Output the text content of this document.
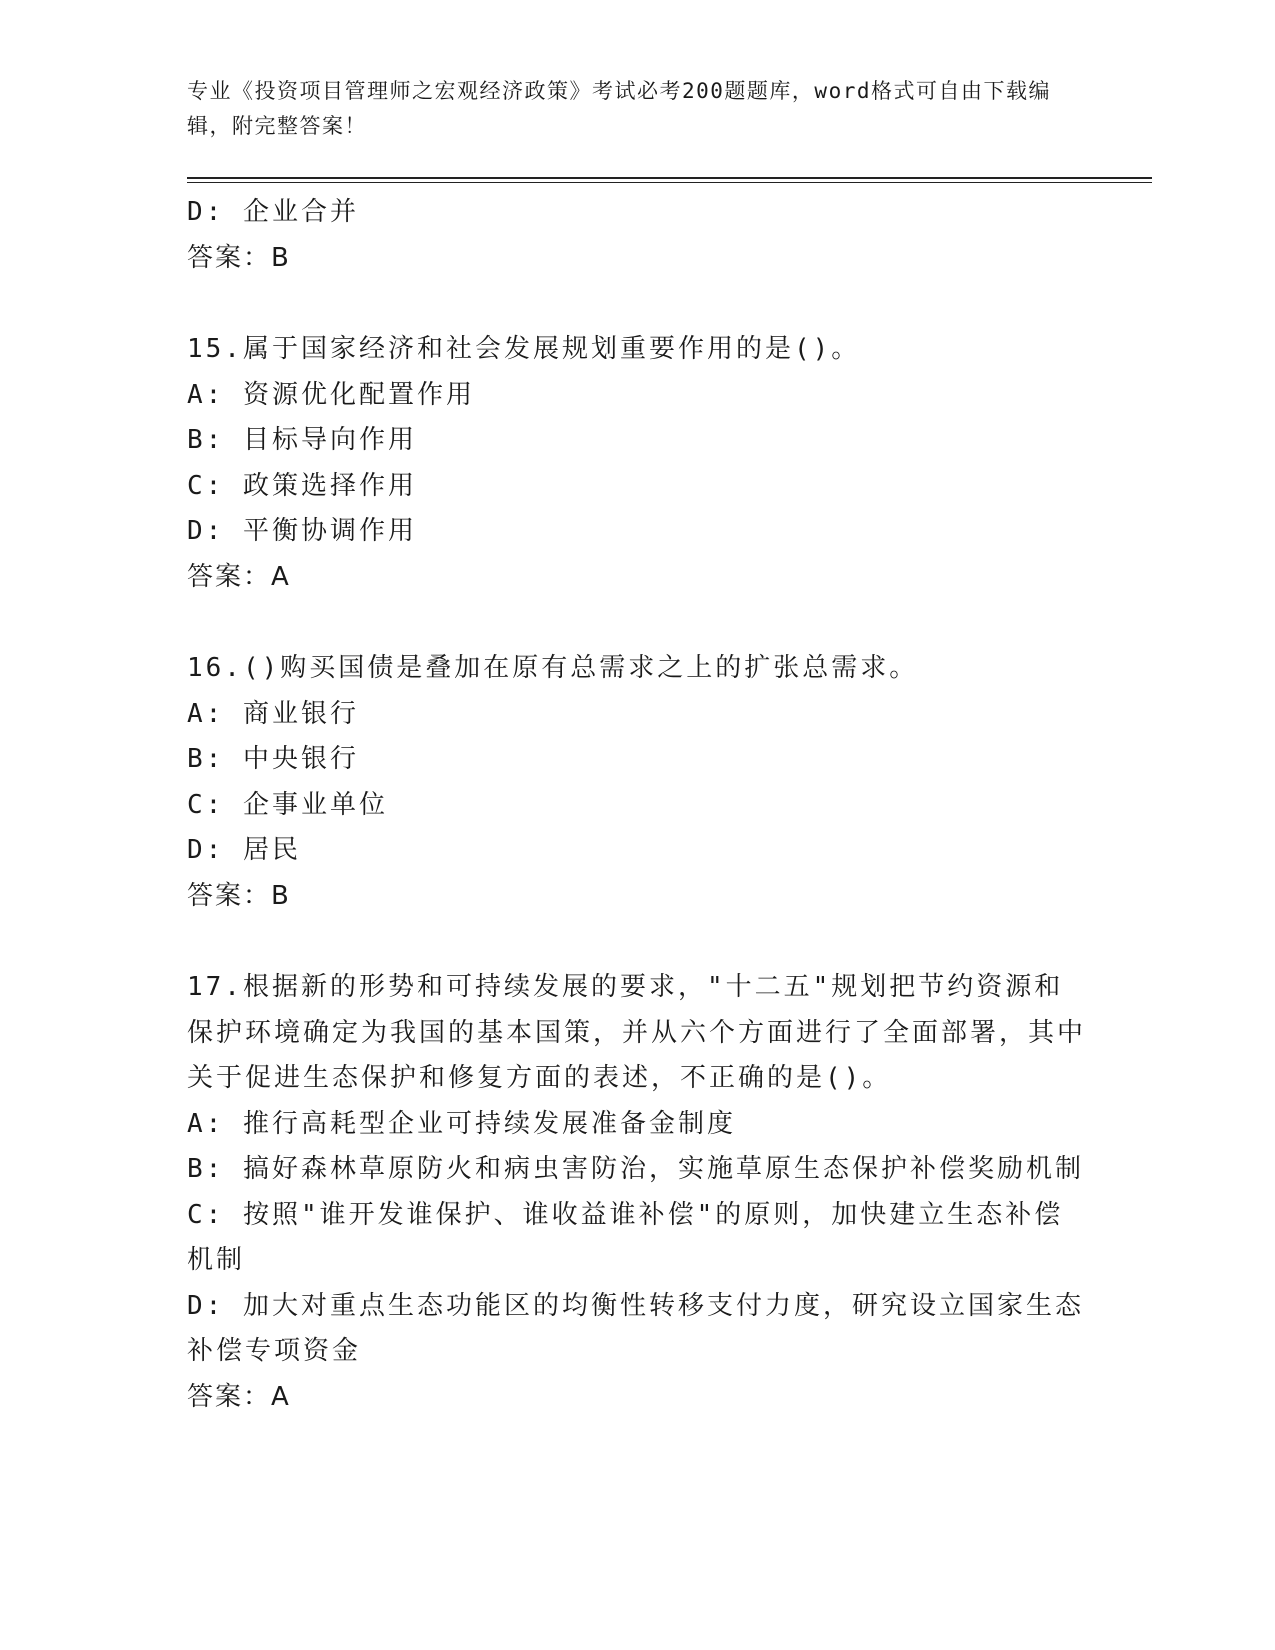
专业《投资项目管理师之宏观经济政策》考试必考200题题库，word格式可自由下载编辑，附完整答案！
D: 企业合并
答案：B
15.属于国家经济和社会发展规划重要作用的是()。
A: 资源优化配置作用
B: 目标导向作用
C: 政策选择作用
D: 平衡协调作用
答案：A
16.()购买国债是叠加在原有总需求之上的扩张总需求。
A: 商业银行
B: 中央银行
C: 企事业单位
D: 居民
答案：B
17.根据新的形势和可持续发展的要求，"十二五"规划把节约资源和保护环境确定为我国的基本国策，并从六个方面进行了全面部署，其中关于促进生态保护和修复方面的表述，不正确的是()。
A: 推行高耗型企业可持续发展准备金制度
B: 搞好森林草原防火和病虫害防治，实施草原生态保护补偿奖励机制
C: 按照"谁开发谁保护、谁收益谁补偿"的原则，加快建立生态补偿机制
D: 加大对重点生态功能区的均衡性转移支付力度，研究设立国家生态补偿专项资金
答案：A
